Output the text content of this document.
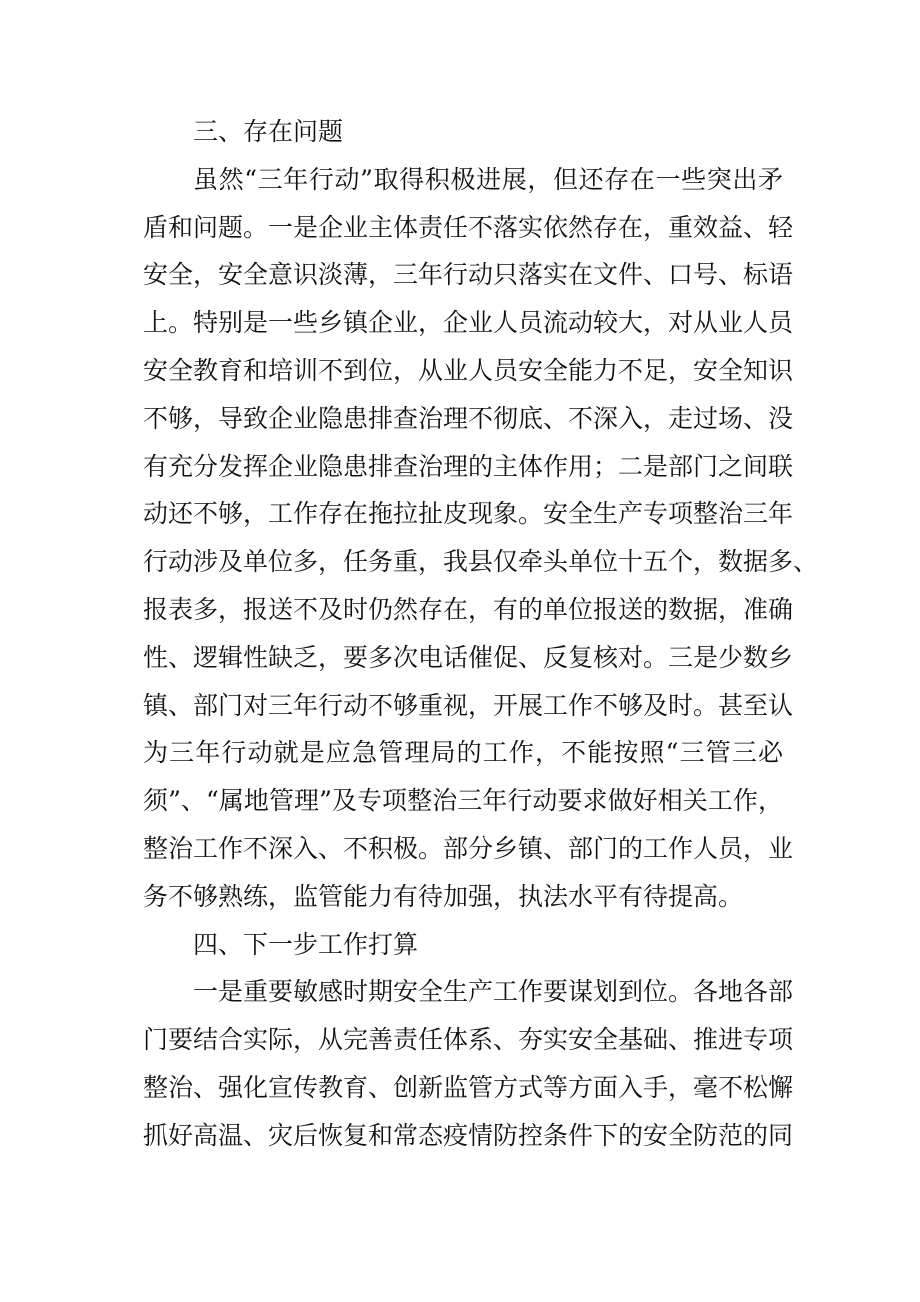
三、存在问题

虽然“三年行动”取得积极进展，但还存在一些突出矛
盾和问题。一是企业主体责任不落实依然存在，重效益、轻
安全，安全意识淡薄，三年行动只落实在文件、口号、标语
上。特别是一些乡镇企业，企业人员流动较大，对从业人员
安全教育和培训不到位，从业人员安全能力不足，安全知识
不够，导致企业隐患排查治理不彻底、不深入，走过场、没
有充分发挥企业隐患排查治理的主体作用；二是部门之间联
动还不够，工作存在拖拉扯皮现象。安全生产专项整治三年
行动涉及单位多，任务重，我县仅牵头单位十五个，数据多、
报表多，报送不及时仍然存在，有的单位报送的数据，准确
性、逻辑性缺乏，要多次电话催促、反复核对。三是少数乡
镇、部门对三年行动不够重视，开展工作不够及时。甚至认
为三年行动就是应急管理局的工作，不能按照“三管三必
须”、“属地管理”及专项整治三年行动要求做好相关工作，
整治工作不深入、不积极。部分乡镇、部门的工作人员，业
务不够熟练，监管能力有待加强，执法水平有待提高。

四、下一步工作打算

一是重要敏感时期安全生产工作要谋划到位。各地各部
门要结合实际，从完善责任体系、夯实安全基础、推进专项
整治、强化宣传教育、创新监管方式等方面入手，毫不松懈
抓好高温、灾后恢复和常态疫情防控条件下的安全防范的同
